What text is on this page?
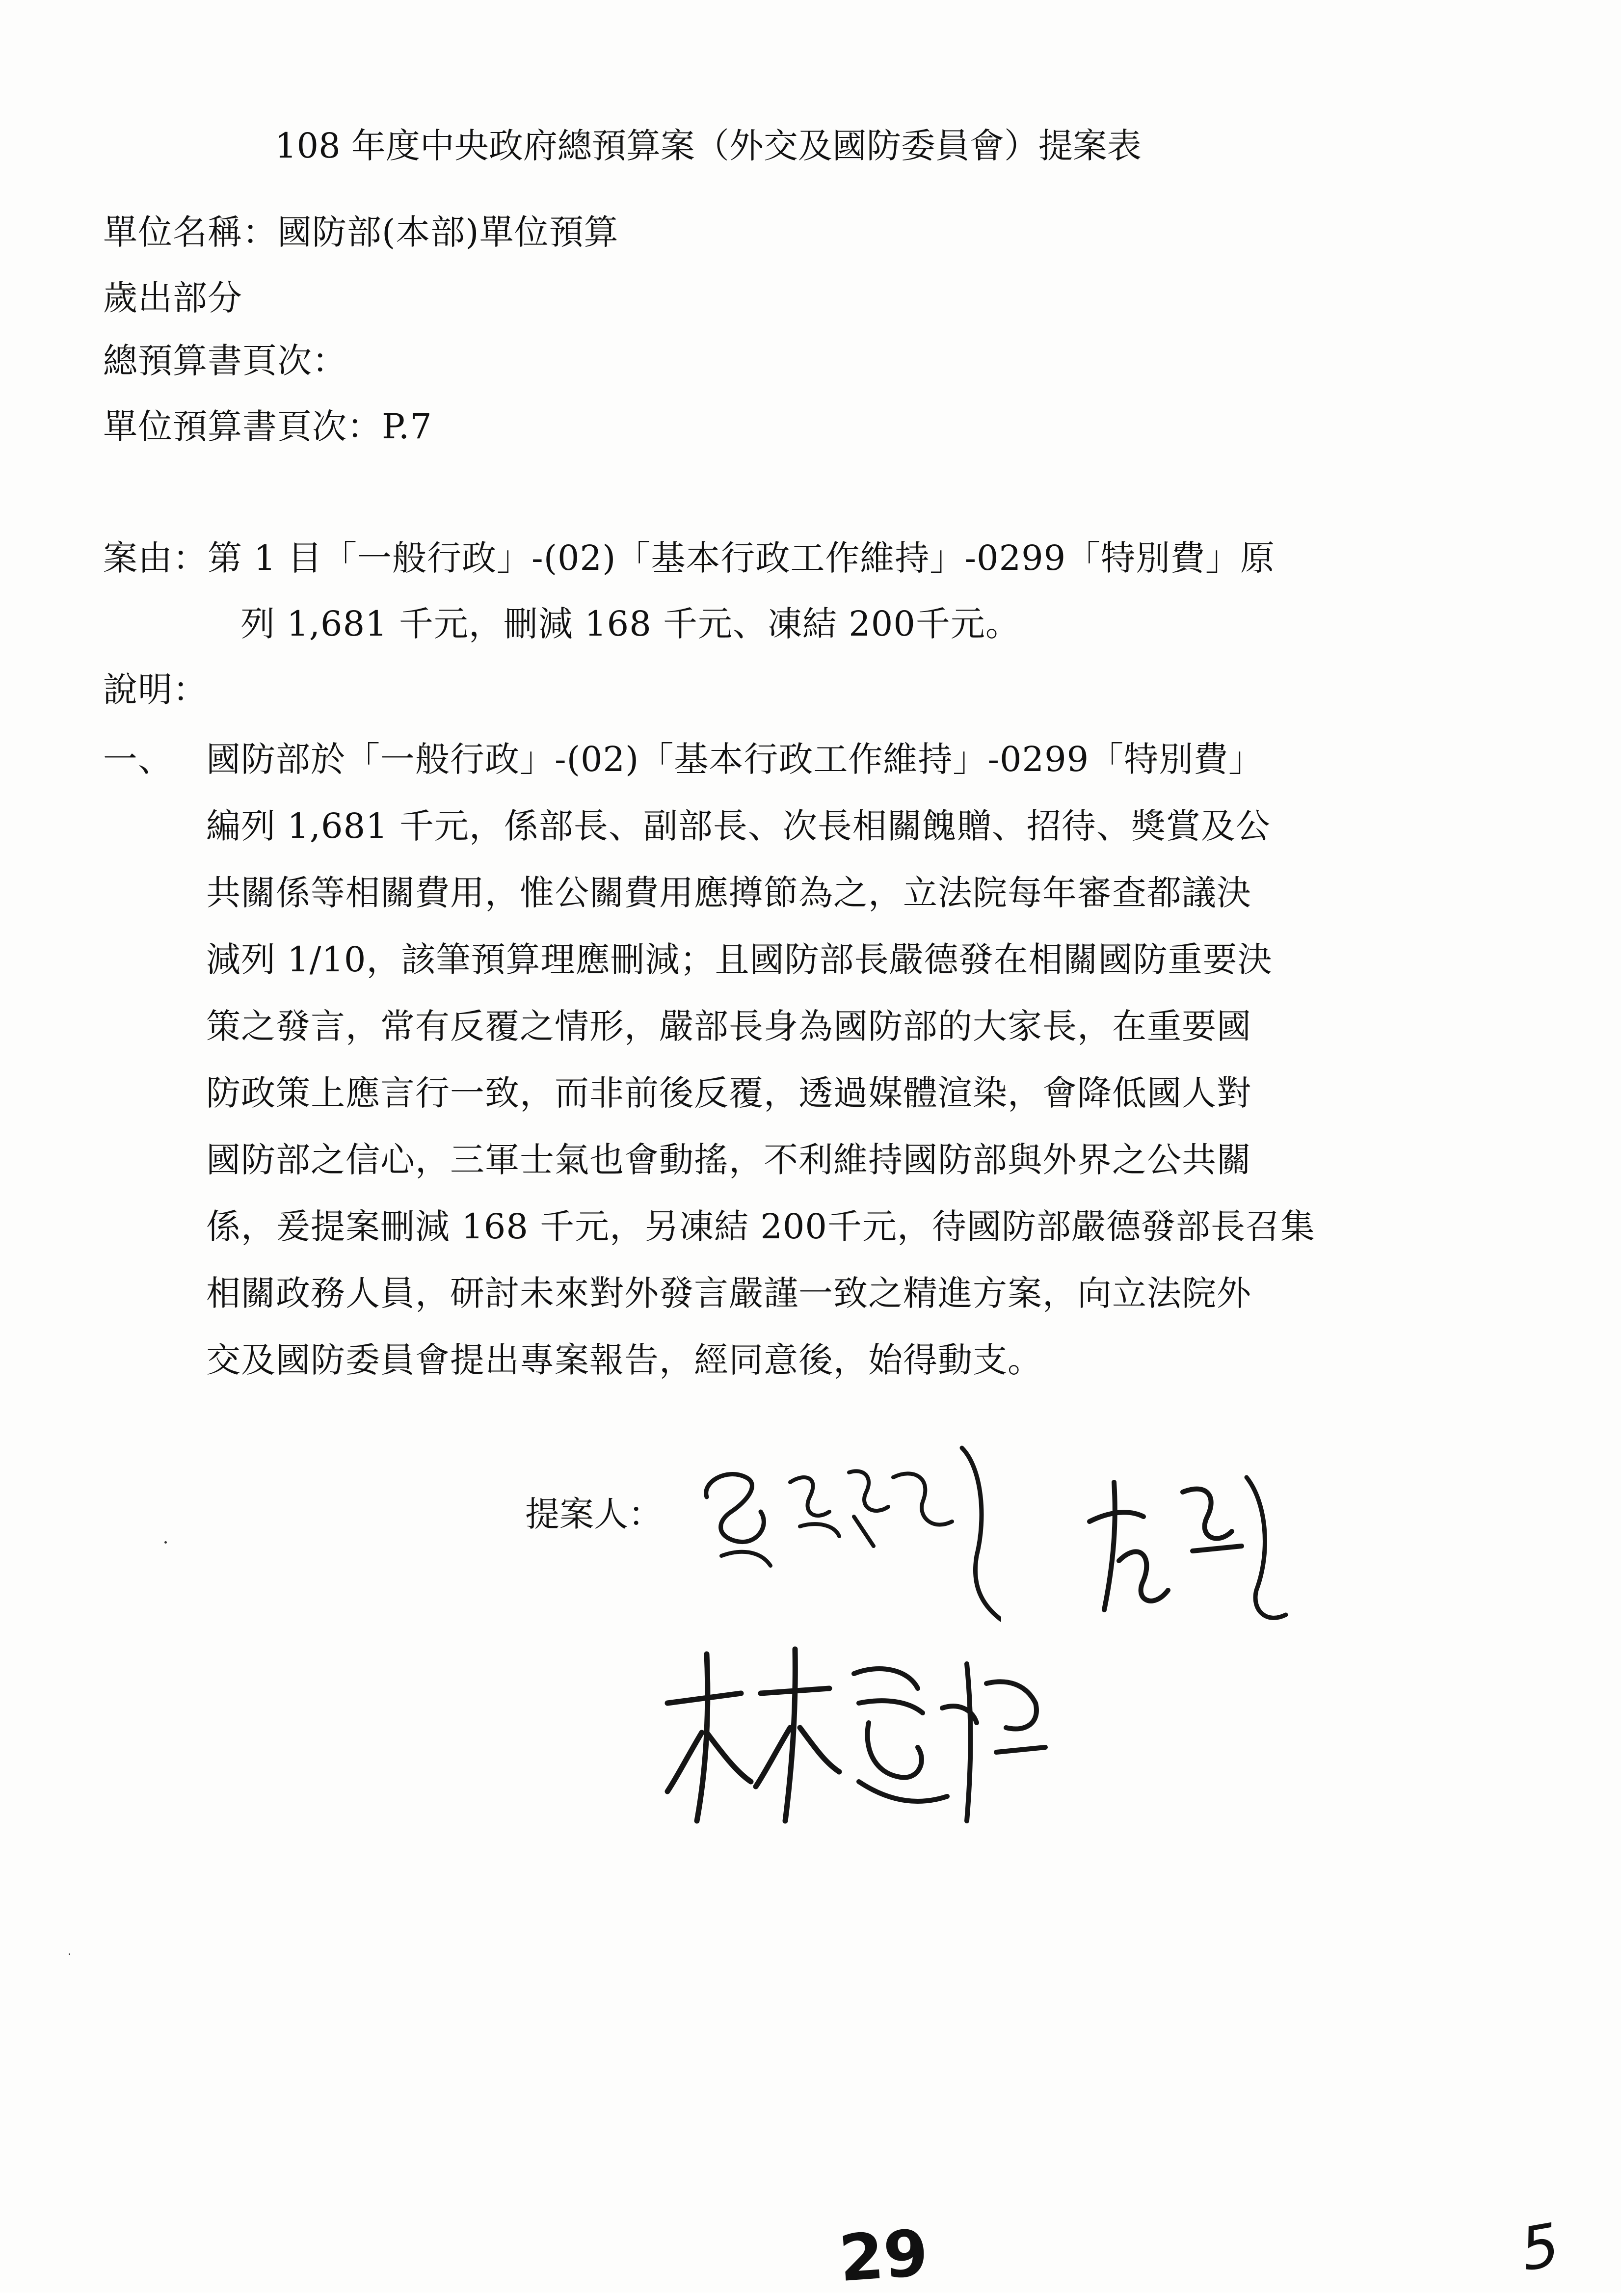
108 年度中央政府總預算案（外交及國防委員會）提案表
單位名稱：國防部(本部)單位預算
歲出部分
總預算書頁次：
單位預算書頁次：P.7
案由：第 1 目「一般行政」-(02)「基本行政工作維持」-0299「特別費」原
列 1,681 千元，刪減 168 千元、凍結 200千元。
說明：
一、 國防部於「一般行政」-(02)「基本行政工作維持」-0299「特別費」
編列 1,681 千元，係部長、副部長、次長相關餽贈、招待、獎賞及公
共關係等相關費用，惟公關費用應撙節為之，立法院每年審查都議決
減列 1/10，該筆預算理應刪減；且國防部長嚴德發在相關國防重要決
策之發言，常有反覆之情形，嚴部長身為國防部的大家長，在重要國
防政策上應言行一致，而非前後反覆，透過媒體渲染，會降低國人對
國防部之信心，三軍士氣也會動搖，不利維持國防部與外界之公共關
係，爰提案刪減 168 千元，另凍結 200千元，待國防部嚴德發部長召集
相關政務人員，研討未來對外發言嚴謹一致之精進方案，向立法院外
交及國防委員會提出專案報告，經同意後，始得動支。
提案人：
29	5
